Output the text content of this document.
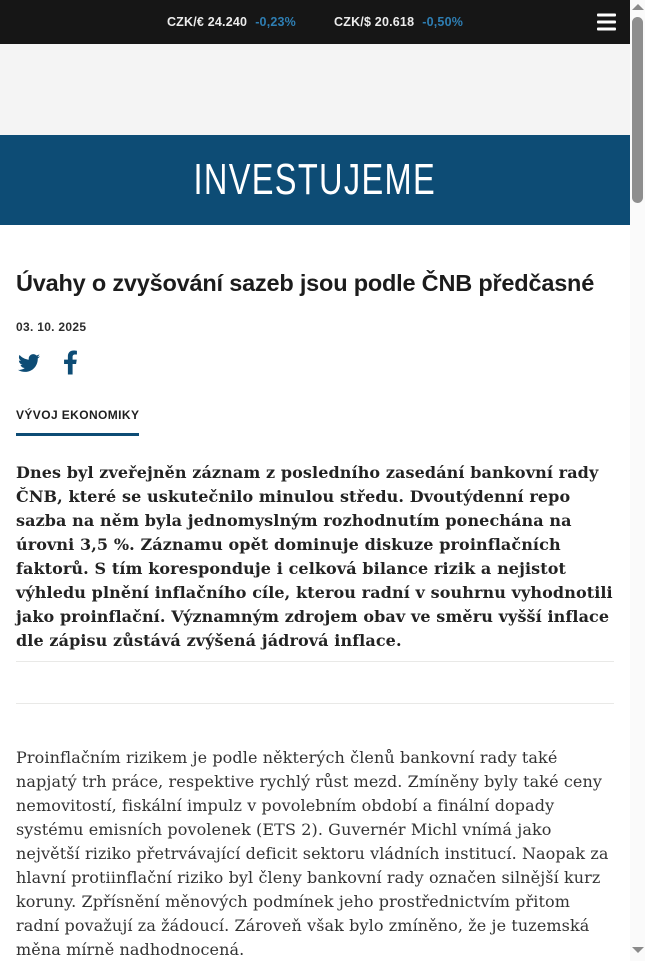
CZK/€ 24.240 -0,23%	CZK/$ 20.618 -0,50%
INVESTUJEME
Úvahy o zvyšování sazeb jsou podle ČNB předčasné
03. 10. 2025
VÝVOJ EKONOMIKY

Dnes byl zveřejněn záznam z posledního zasedání bankovní rady ČNB, které se uskutečnilo minulou středu. Dvoutýdenní repo sazba na něm byla jednomyslným rozhodnutím ponechána na úrovni 3,5 %. Záznamu opět dominuje diskuze proinflačních faktorů. S tím koresponduje i celková bilance rizik a nejistot výhledu plnění inflačního cíle, kterou radní v souhrnu vyhodnotili jako proinflační. Významným zdrojem obav ve směru vyšší inflace dle zápisu zůstává zvýšená jádrová inflace.

Proinflačním rizikem je podle některých členů bankovní rady také napjatý trh práce, respektive rychlý růst mezd. Zmíněny byly také ceny nemovitostí, fiskální impulz v povolebním období a finální dopady systému emisních povolenek (ETS 2). Guvernér Michl vnímá jako největší riziko přetrvávající deficit sektoru vládních institucí. Naopak za hlavní protiinflační riziko byl členy bankovní rady označen silnější kurz koruny. Zpřísnění měnových podmínek jeho prostřednictvím přitom radní považují za žádoucí. Zároveň však bylo zmíněno, že je tuzemská měna mírně nadhodnocená.
